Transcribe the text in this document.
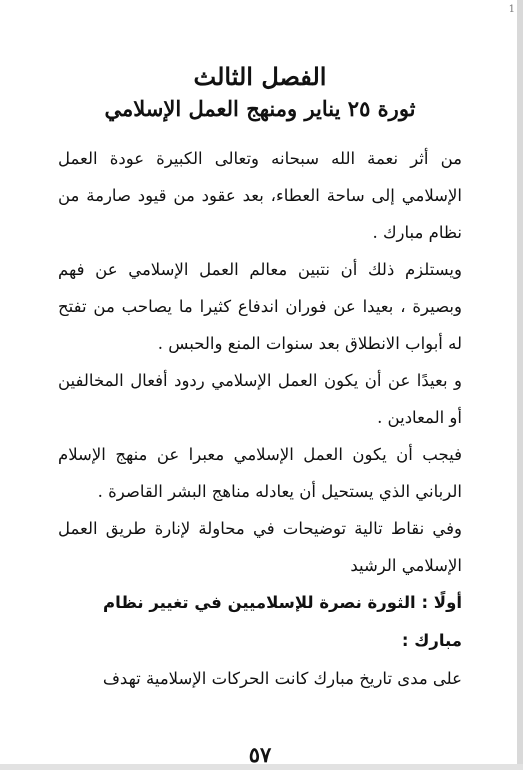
1
الفصل الثالث
ثورة ٢٥ يناير ومنهج العمل الإسلامي

من أثر نعمة الله سبحانه وتعالى الكبيرة عودة العمل الإسلامي إلى ساحة العطاء، بعد عقود من قيود صارمة من نظام مبارك .

ويستلزم ذلك أن نتبين معالم العمل الإسلامي عن فهم وبصيرة ، بعيدا عن فوران اندفاع كثيرا ما يصاحب من تفتح له أبواب الانطلاق بعد سنوات المنع والحبس .

و بعيدًا عن أن يكون العمل الإسلامي ردود أفعال المخالفين أو المعادين .

فيجب أن يكون العمل الإسلامي معبرا عن منهج الإسلام الرباني الذي يستحيل أن يعادله مناهج البشر القاصرة .

وفي نقاط تالية توضيحات في محاولة لإنارة طريق العمل الإسلامي الرشيد

أولًا : الثورة نصرة للإسلاميين في تغيير نظام مبارك :

على مدى تاريخ مبارك كانت الحركات الإسلامية تهدف

٥٧
